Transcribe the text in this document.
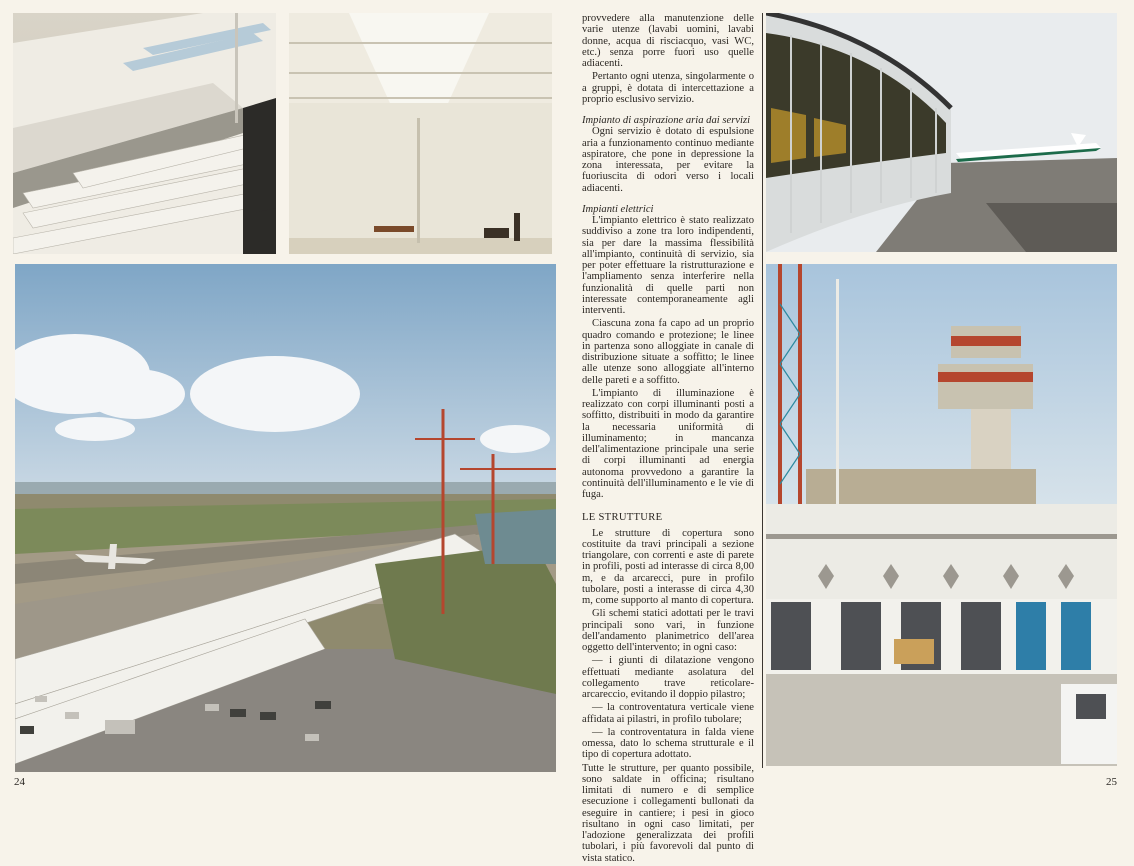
provvedere alla manutenzione delle varie utenze (lavabi uomini, lavabi donne, acqua di risciacquo, vasi WC, etc.) senza porre fuori uso quelle adiacenti.

Pertanto ogni utenza, singolarmente o a gruppi, è dotata di intercettazione a proprio esclusivo servizio.

Impianto di aspirazione aria dai servizi

Ogni servizio è dotato di espulsione aria a funzionamento continuo mediante aspiratore, che pone in depressione la zona interessata, per evitare la fuoriuscita di odori verso i locali adiacenti.

Impianti elettrici

L'impianto elettrico è stato realizzato suddiviso a zone tra loro indipendenti, sia per dare la massima flessibilità all'impianto, continuità di servizio, sia per poter effettuare la ristrutturazione e l'ampliamento senza interferire nella funzionalità di quelle parti non interessate contemporaneamente agli interventi.

Ciascuna zona fa capo ad un proprio quadro comando e protezione; le linee in partenza sono alloggiate in canale di distribuzione situate a soffitto; le linee alle utenze sono alloggiate all'interno delle pareti e a soffitto.

L'impianto di illuminazione è realizzato con corpi illuminanti posti a soffitto, distribuiti in modo da garantire la necessaria uniformità di illuminamento; in mancanza dell'alimentazione principale una serie di corpi illuminanti ad energia autonoma provvedono a garantire la continuità dell'illuminamento e le vie di fuga.

LE STRUTTURE

Le strutture di copertura sono costituite da travi principali a sezione triangolare, con correnti e aste di parete in profili, posti ad interasse di circa 8,00 m, e da arcarecci, pure in profilo tubolare, posti a interasse di circa 4,30 m, come supporto al manto di copertura.

Gli schemi statici adottati per le travi principali sono vari, in funzione dell'andamento planimetrico dell'area oggetto dell'intervento; in ogni caso:

— i giunti di dilatazione vengono effettuati mediante asolatura del collegamento trave reticolare-arcareccio, evitando il doppio pilastro;

— la controventatura verticale viene affidata ai pilastri, in profilo tubolare;

— la controventatura in falda viene omessa, dato lo schema strutturale e il tipo di copertura adottato.

Tutte le strutture, per quanto possibile, sono saldate in officina; risultano limitati di numero e di semplice esecuzione i collegamenti bullonati da eseguire in cantiere; i pesi in gioco risultano in ogni caso limitati, per l'adozione generalizzata dei profili tubolari, i più favorevoli dal punto di vista statico.

24	25
